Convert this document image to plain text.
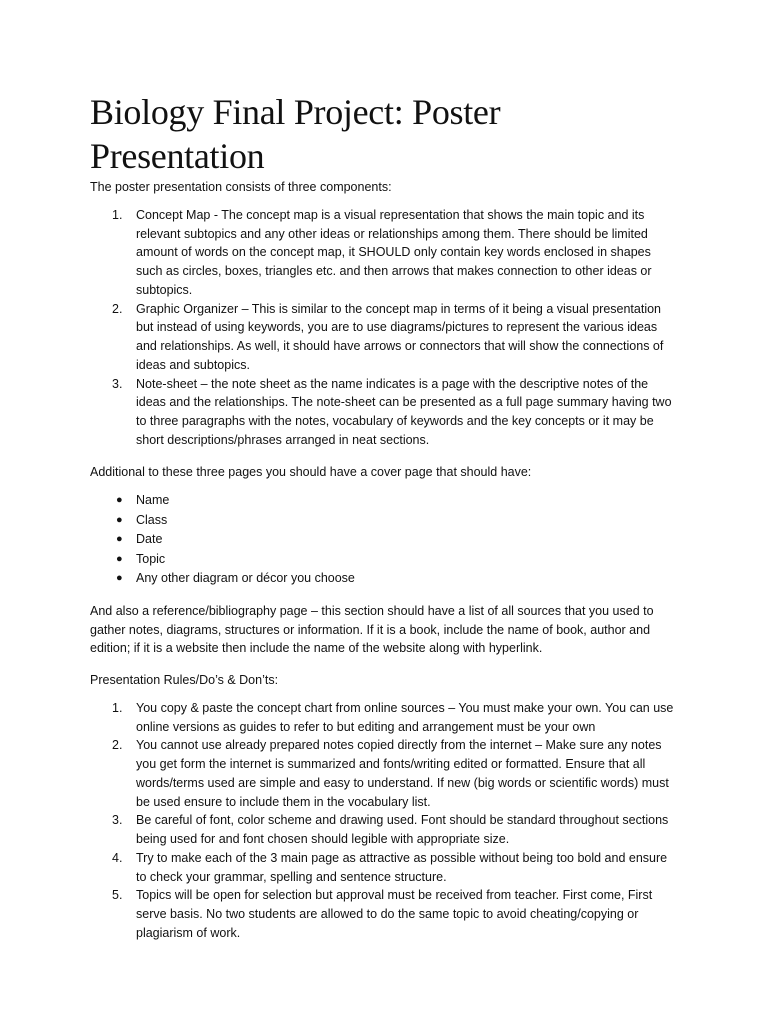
Biology Final Project: Poster Presentation

The poster presentation consists of three components:

1.	Concept Map - The concept map is a visual representation that shows the main topic and its relevant subtopics and any other ideas or relationships among them. There should be limited amount of words on the concept map, it SHOULD only contain key words enclosed in shapes such as circles, boxes, triangles etc. and then arrows that makes connection to other ideas or subtopics.
2.	Graphic Organizer – This is similar to the concept map in terms of it being a visual presentation but instead of using keywords, you are to use diagrams/pictures to represent the various ideas and relationships. As well, it should have arrows or connectors that will show the connections of ideas and subtopics.
3.	Note-sheet – the note sheet as the name indicates is a page with the descriptive notes of the ideas and the relationships. The note-sheet can be presented as a full page summary having two to three paragraphs with the notes, vocabulary of keywords and the key concepts or it may be short descriptions/phrases arranged in neat sections.

Additional to these three pages you should have a cover page that should have:

●	Name
●	Class
●	Date
●	Topic
●	Any other diagram or décor you choose

And also a reference/bibliography page – this section should have a list of all sources that you used to gather notes, diagrams, structures or information. If it is a book, include the name of book, author and edition; if it is a website then include the name of the website along with hyperlink.

Presentation Rules/Do’s & Don’ts:

1.	You copy & paste the concept chart from online sources – You must make your own. You can use online versions as guides to refer to but editing and arrangement must be your own
2.	You cannot use already prepared notes copied directly from the internet – Make sure any notes you get form the internet is summarized and fonts/writing edited or formatted. Ensure that all words/terms used are simple and easy to understand. If new (big words or scientific words) must be used ensure to include them in the vocabulary list.
3.	Be careful of font, color scheme and drawing used. Font should be standard throughout sections being used for and font chosen should legible with appropriate size.
4.	Try to make each of the 3 main page as attractive as possible without being too bold and ensure to check your grammar, spelling and sentence structure.
5.	Topics will be open for selection but approval must be received from teacher. First come, First serve basis. No two students are allowed to do the same topic to avoid cheating/copying or plagiarism of work.
